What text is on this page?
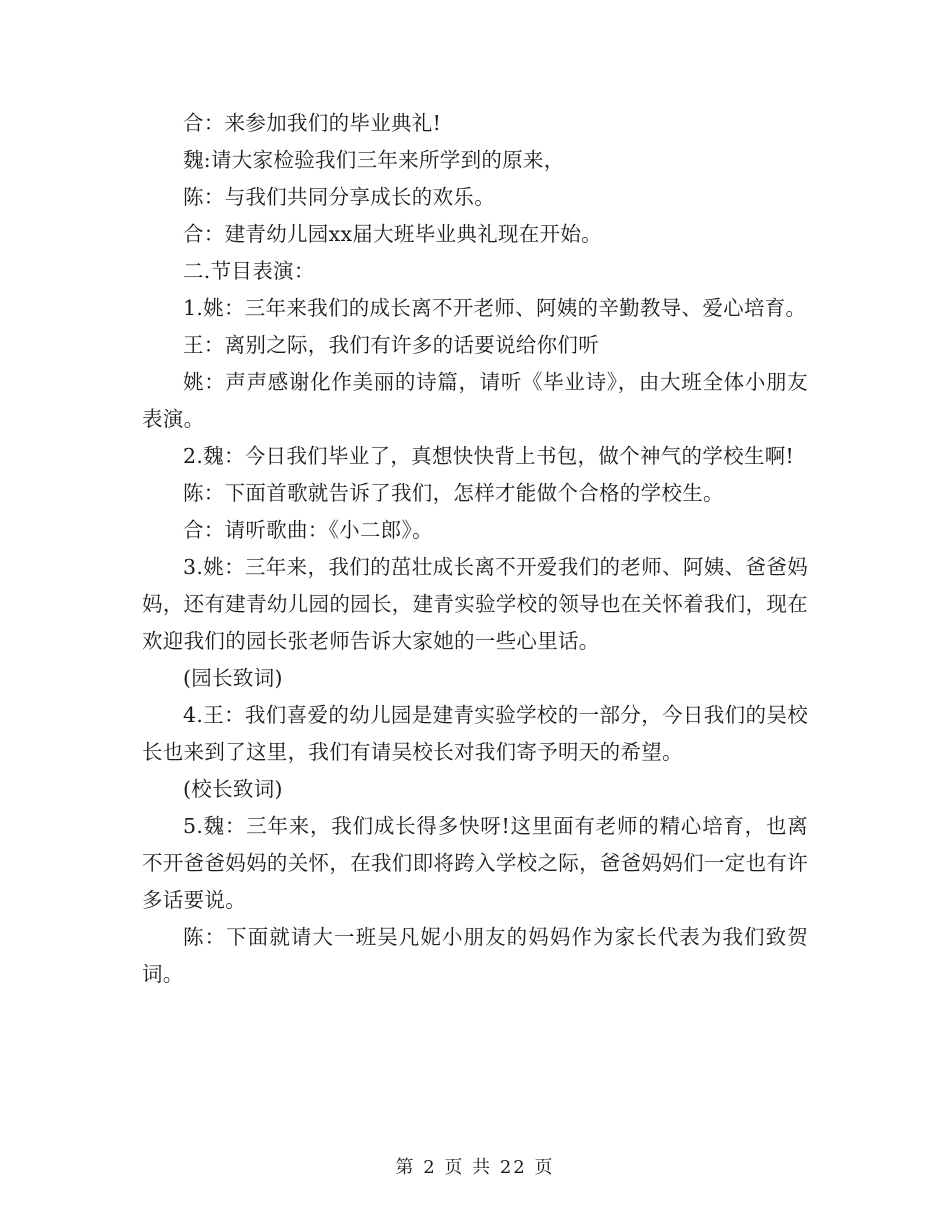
合：来参加我们的毕业典礼!

魏:请大家检验我们三年来所学到的原来，

陈：与我们共同分享成长的欢乐。

合：建青幼儿园xx届大班毕业典礼现在开始。

二.节目表演：

1.姚：三年来我们的成长离不开老师、阿姨的辛勤教导、爱心培育。

王：离别之际，我们有许多的话要说给你们听

姚：声声感谢化作美丽的诗篇，请听《毕业诗》，由大班全体小朋友表演。

2.魏：今日我们毕业了，真想快快背上书包，做个神气的学校生啊!

陈：下面首歌就告诉了我们，怎样才能做个合格的学校生。

合：请听歌曲：《小二郎》。

3.姚：三年来，我们的茁壮成长离不开爱我们的老师、阿姨、爸爸妈妈，还有建青幼儿园的园长，建青实验学校的领导也在关怀着我们，现在欢迎我们的园长张老师告诉大家她的一些心里话。

(园长致词)

4.王：我们喜爱的幼儿园是建青实验学校的一部分，今日我们的吴校长也来到了这里，我们有请吴校长对我们寄予明天的希望。

(校长致词)

5.魏：三年来，我们成长得多快呀!这里面有老师的精心培育，也离不开爸爸妈妈的关怀，在我们即将跨入学校之际，爸爸妈妈们一定也有许多话要说。

陈：下面就请大一班吴凡妮小朋友的妈妈作为家长代表为我们致贺词。

第 2 页 共 22 页
